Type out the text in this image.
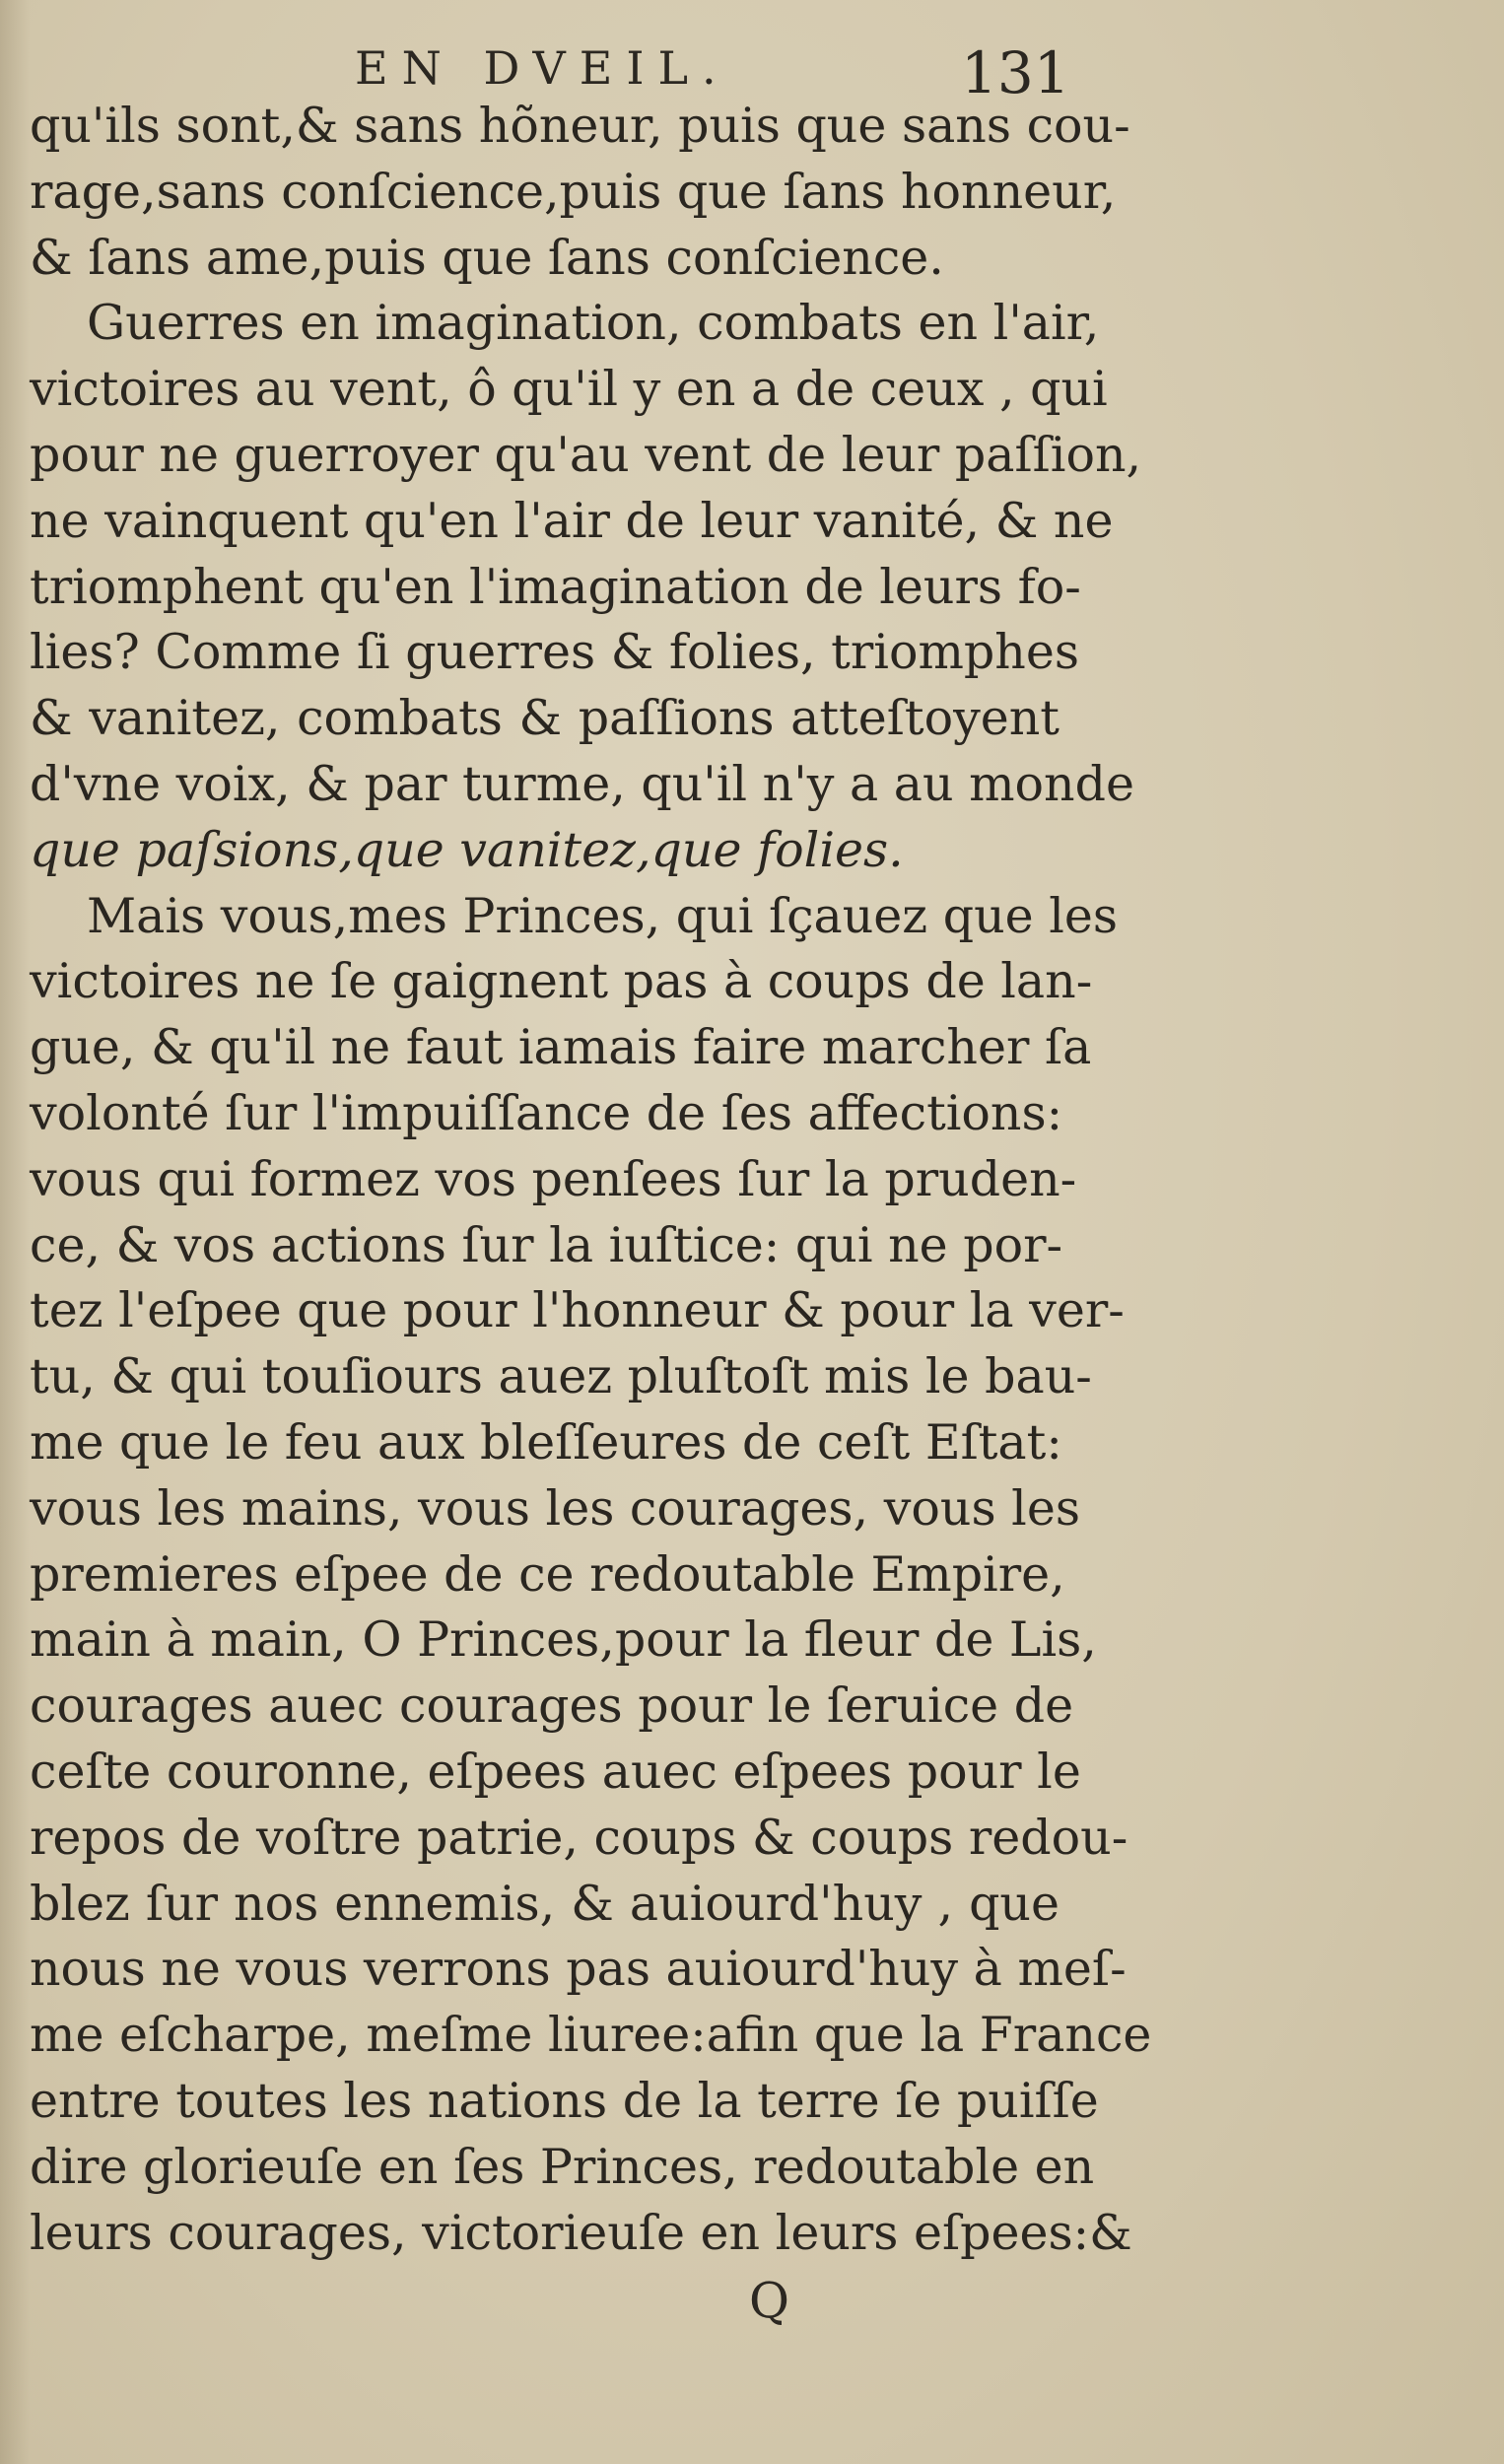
EN DVEIL.	131
qu'ils sont,& sans hõneur, puis que sans cou-
rage,sans conſcience,puis que ſans honneur,
& ſans ame,puis que ſans conſcience.
Guerres en imagination, combats en l'air,
victoires au vent, ô qu'il y en a de ceux , qui
pour ne guerroyer qu'au vent de leur paſſion,
ne vainquent qu'en l'air de leur vanité, & ne
triomphent qu'en l'imagination de leurs fo-
lies? Comme ſi guerres & folies, triomphes
& vanitez, combats & paſſions atteſtoyent
d'vne voix, & par turme, qu'il n'y a au monde
que paſsions,que vanitez,que folies.
Mais vous,mes Princes, qui ſçauez que les
victoires ne ſe gaignent pas à coups de lan-
gue, & qu'il ne faut iamais faire marcher ſa
volonté ſur l'impuiſſance de ſes affections:
vous qui formez vos penſees ſur la pruden-
ce, & vos actions ſur la iuſtice: qui ne por-
tez l'eſpee que pour l'honneur & pour la ver-
tu, & qui touſiours auez pluſtoſt mis le bau-
me que le feu aux bleſſeures de ceſt Eſtat:
vous les mains, vous les courages, vous les
premieres eſpee de ce redoutable Empire,
main à main, O Princes,pour la fleur de Lis,
courages auec courages pour le ſeruice de
ceſte couronne, eſpees auec eſpees pour le
repos de voſtre patrie, coups & coups redou-
blez ſur nos ennemis, & auiourd'huy , que
nous ne vous verrons pas auiourd'huy à meſ-
me eſcharpe, meſme liuree:afin que la France
entre toutes les nations de la terre ſe puiſſe
dire glorieuſe en ſes Princes, redoutable en
leurs courages, victorieuſe en leurs eſpees:&
Q
